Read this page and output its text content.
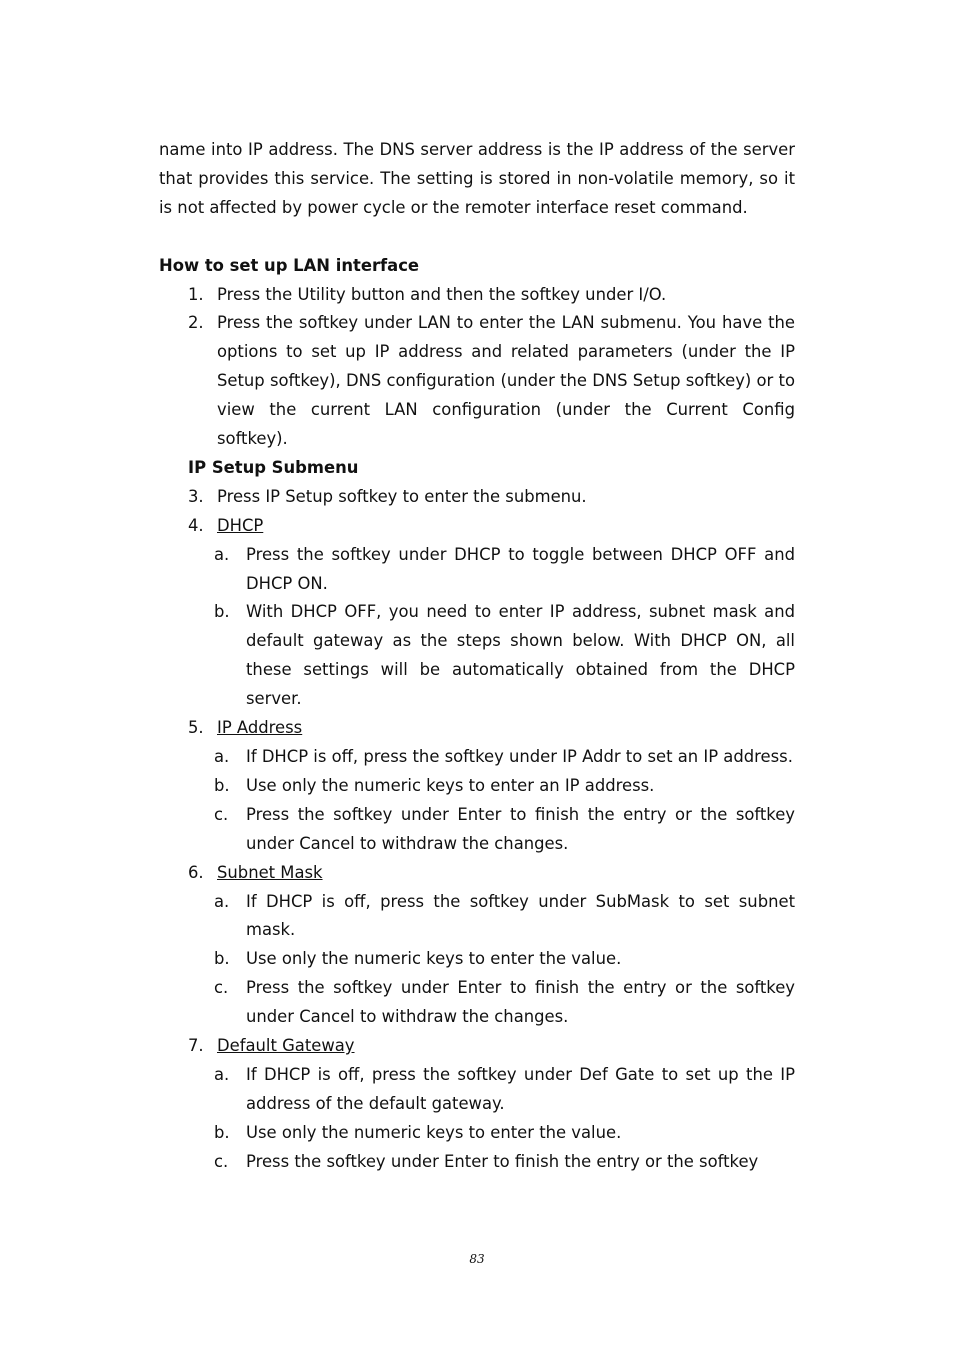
name into IP address. The DNS server address is the IP address of the server that provides this service. The setting is stored in non-volatile memory, so it is not affected by power cycle or the remoter interface reset command.

How to set up LAN interface

1. Press the Utility button and then the softkey under I/O.
2. Press the softkey under LAN to enter the LAN submenu. You have the options to set up IP address and related parameters (under the IP Setup softkey), DNS configuration (under the DNS Setup softkey) or to view the current LAN configuration (under the Current Config softkey).

IP Setup Submenu

3. Press IP Setup softkey to enter the submenu.
4. DHCP
a. Press the softkey under DHCP to toggle between DHCP OFF and DHCP ON.
b. With DHCP OFF, you need to enter IP address, subnet mask and default gateway as the steps shown below. With DHCP ON, all these settings will be automatically obtained from the DHCP server.
5. IP Address
a. If DHCP is off, press the softkey under IP Addr to set an IP address.
b. Use only the numeric keys to enter an IP address.
c. Press the softkey under Enter to finish the entry or the softkey under Cancel to withdraw the changes.
6. Subnet Mask
a. If DHCP is off, press the softkey under SubMask to set subnet mask.
b. Use only the numeric keys to enter the value.
c. Press the softkey under Enter to finish the entry or the softkey under Cancel to withdraw the changes.
7. Default Gateway
a. If DHCP is off, press the softkey under Def Gate to set up the IP address of the default gateway.
b. Use only the numeric keys to enter the value.
c. Press the softkey under Enter to finish the entry or the softkey
83
